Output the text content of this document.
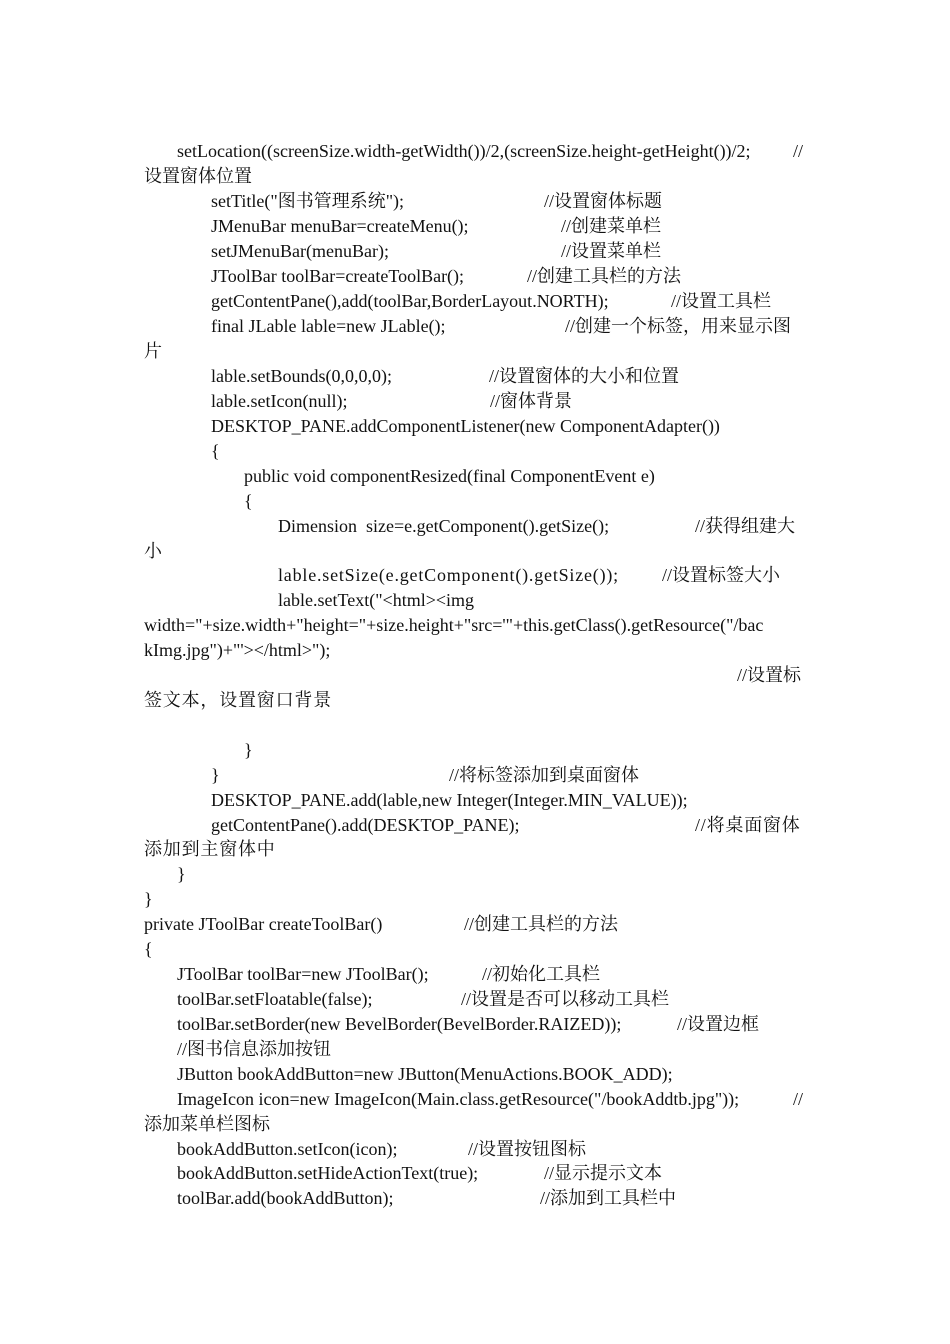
setLocation((screenSize.width-getWidth())/2,(screenSize.height-getHeight())/2; //
设置窗体位置
setTitle("图书管理系统");	//设置窗体标题
JMenuBar menuBar=createMenu();	//创建菜单栏
setJMenuBar(menuBar);	//设置菜单栏
JToolBar toolBar=createToolBar();	//创建工具栏的方法
getContentPane(),add(toolBar,BorderLayout.NORTH);	//设置工具栏
final JLable lable=new JLable();	//创建一个标签，用来显示图
片
lable.setBounds(0,0,0,0);	//设置窗体的大小和位置
lable.setIcon(null);	//窗体背景
DESKTOP_PANE.addComponentListener(new ComponentAdapter())
{
public void componentResized(final ComponentEvent e)
{
Dimension  size=e.getComponent().getSize();	//获得组建大
小
lable.setSize(e.getComponent().getSize()); //设置标签大小
lable.setText("<html><img
width="+size.width+"height="+size.height+"src='"+this.getClass().getResource("/bac
kImg.jpg")+"'></html>");
//设置标
签文本，设置窗口背景
}
}	//将标签添加到桌面窗体
DESKTOP_PANE.add(lable,new Integer(Integer.MIN_VALUE));
getContentPane().add(DESKTOP_PANE);	//将桌面窗体
添加到主窗体中
}
}
private JToolBar createToolBar()	//创建工具栏的方法
{
JToolBar toolBar=new JToolBar();	//初始化工具栏
toolBar.setFloatable(false);	//设置是否可以移动工具栏
toolBar.setBorder(new BevelBorder(BevelBorder.RAIZED));	//设置边框
//图书信息添加按钮
JButton bookAddButton=new JButton(MenuActions.BOOK_ADD);
ImageIcon icon=new ImageIcon(Main.class.getResource("/bookAddtb.jpg"));	//
添加菜单栏图标
bookAddButton.setIcon(icon);	//设置按钮图标
bookAddButton.setHideActionText(true);	//显示提示文本
toolBar.add(bookAddButton);	//添加到工具栏中
